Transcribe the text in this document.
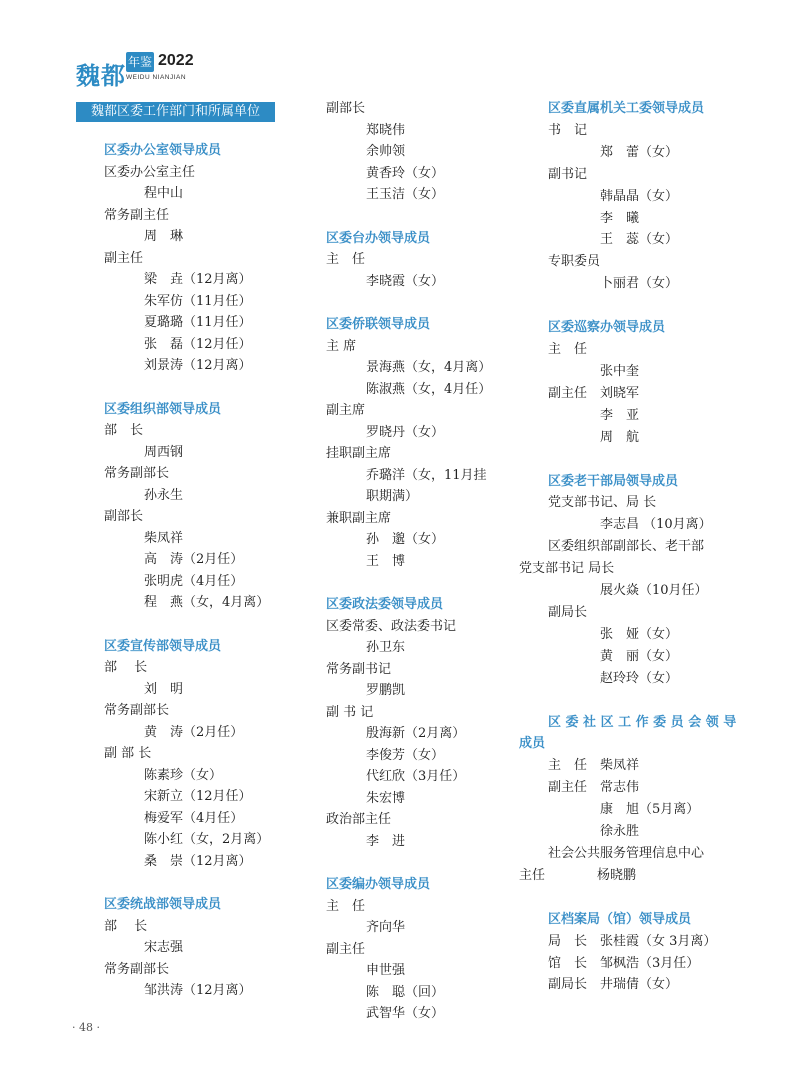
魏都 年鉴 2022
WEIDU NIANJIAN
魏都区委工作部门和所属单位
区委办公室领导成员
区委办公室主任
程中山
常务副主任
周　琳
副主任
梁　垚（12月离）
朱军仿（11月任）
夏璐璐（11月任）
张　磊（12月任）
刘景涛（12月离）
区委组织部领导成员
部　长
周西钢
常务副部长
孙永生
副部长
柴凤祥
高　涛（2月任）
张明虎（4月任）
程　燕（女，4月离）
区委宣传部领导成员
部　 长
刘　明
常务副部长
黄　涛（2月任）
副 部 长
陈素珍（女）
宋新立（12月任）
梅爱军（4月任）
陈小红（女，2月离）
桑　崇（12月离）
区委统战部领导成员
部　 长
宋志强
常务副部长
邹洪涛（12月离）
副部长
郑晓伟
余帅领
黄香玲（女）
王玉洁（女）
区委台办领导成员
主　任
李晓霞（女）
区委侨联领导成员
主 席
景海燕（女，4月离）
陈淑燕（女，4月任）
副主席
罗晓丹（女）
挂职副主席
乔璐洋（女，11月挂
职期满）
兼职副主席
孙　邈（女）
王　博
区委政法委领导成员
区委常委、政法委书记
孙卫东
常务副书记
罗鹏凯
副 书 记
殷海新（2月离）
李俊芳（女）
代红欣（3月任）
朱宏博
政治部主任
李　进
区委编办领导成员
主　任
齐向华
副主任
申世强
陈　聪（回）
武智华（女）
区委直属机关工委领导成员
书　记
郑　蕾（女）
副书记
韩晶晶（女）
李　曦
王　蕊（女）
专职委员
卜丽君（女）
区委巡察办领导成员
主　任
张中奎
副主任　刘晓军
李　亚
周　航
区委老干部局领导成员
党支部书记、局 长
李志昌 （10月离）
区委组织部副部长、老干部
党支部书记 局长
展火焱（10月任）
副局长
张　娅（女）
黄　丽（女）
赵玲玲（女）
区 委 社 区 工 作 委 员 会 领 导
成员
主　任　柴凤祥
副主任　常志伟
康　旭（5月离）
徐永胜
社会公共服务管理信息中心
主任　　　　杨晓鹏
区档案局（馆）领导成员
局　长　张桂霞（女 3月离）
馆　长　邹枫浩（3月任）
副局长　井瑞倩（女）
· 48 ·
